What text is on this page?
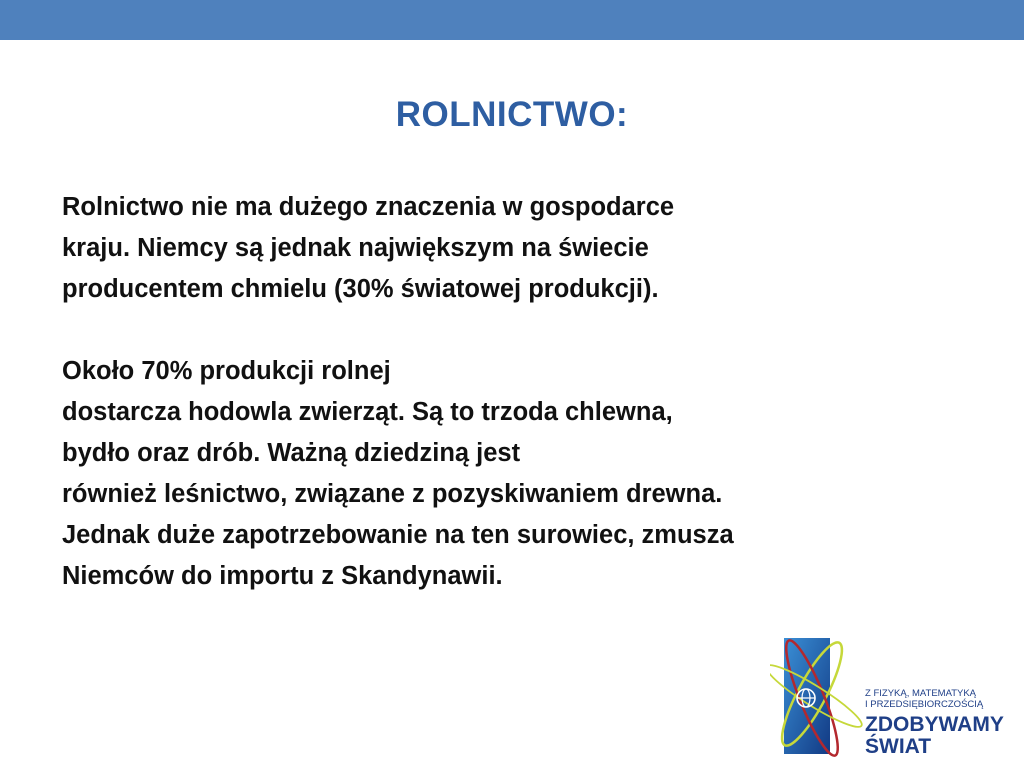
ROLNICTWO:

Rolnictwo nie ma dużego znaczenia w gospodarce
kraju. Niemcy są jednak największym na świecie
producentem chmielu (30% światowej produkcji).

Około 70% produkcji rolnej
dostarcza hodowla zwierząt. Są to trzoda chlewna,
bydło oraz drób. Ważną dziedziną jest
również leśnictwo, związane z pozyskiwaniem drewna.
Jednak duże zapotrzebowanie na ten surowiec, zmusza
Niemców do importu z Skandynawii.

Z FIZYKĄ, MATEMATYKĄ
I PRZEDSIĘBIORCZOŚCIĄ
ZDOBYWAMY
ŚWIAT
